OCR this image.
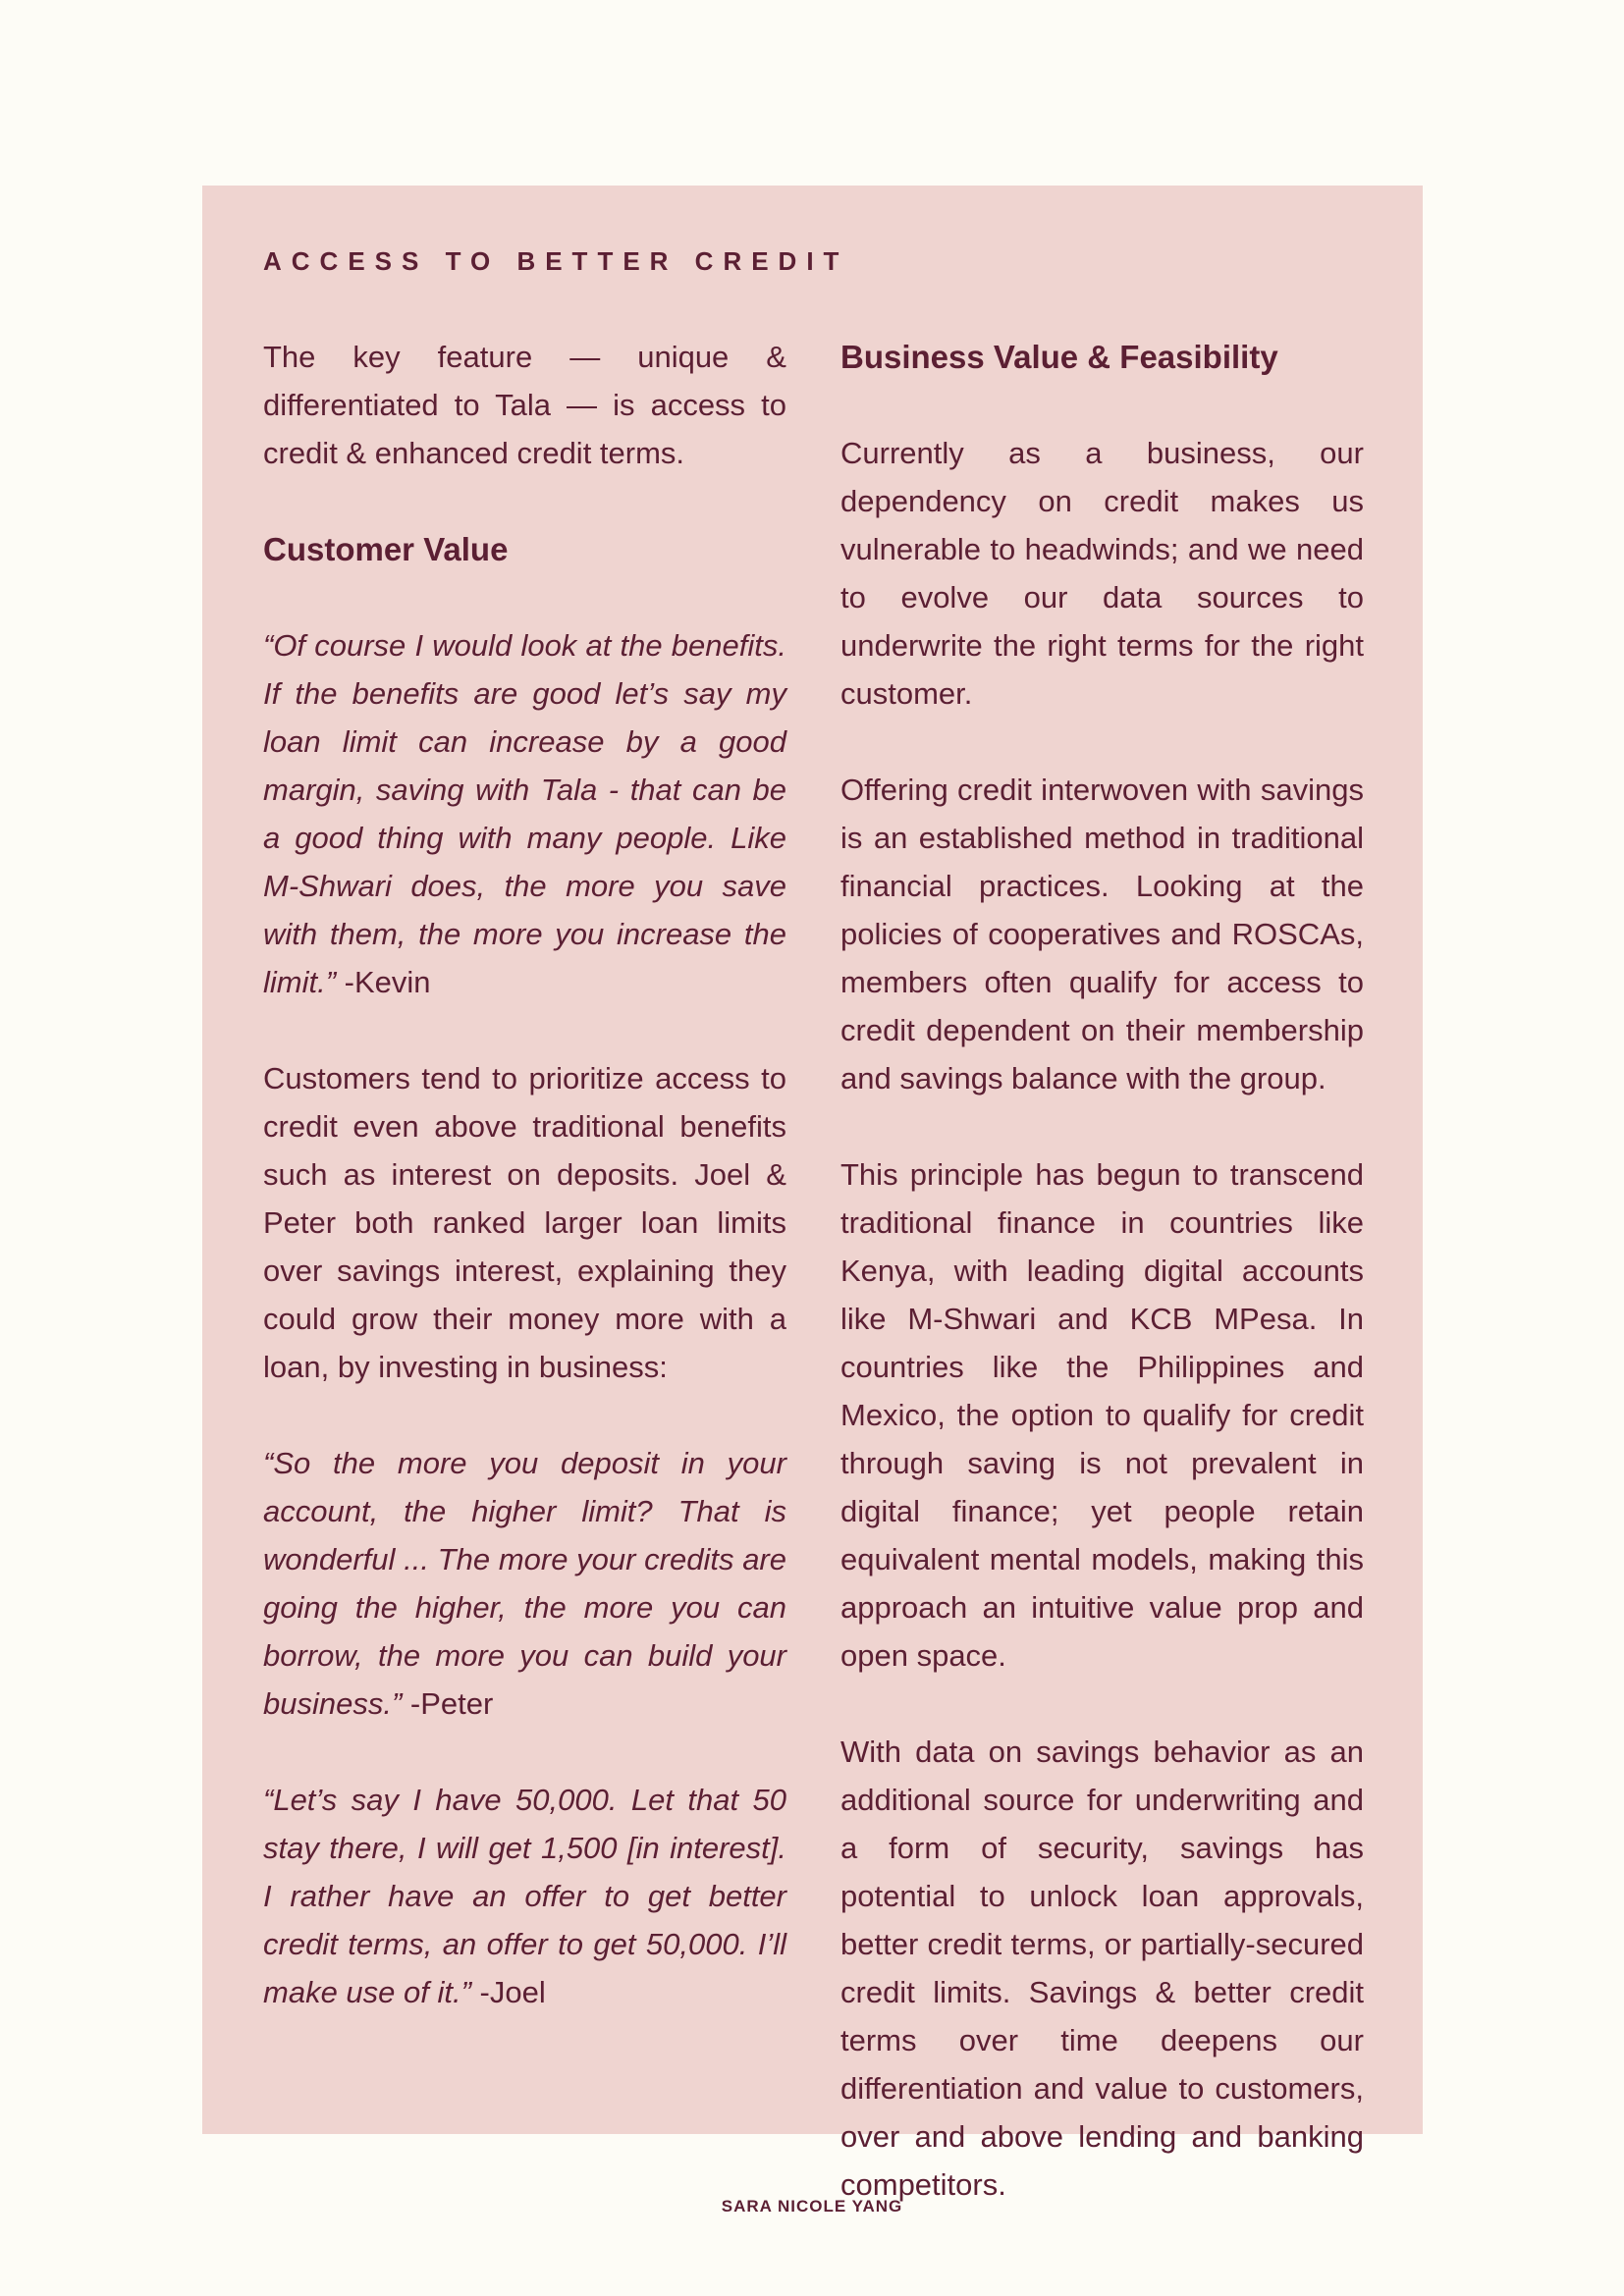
ACCESS TO BETTER CREDIT

The key feature — unique & differentiated to Tala — is access to credit & enhanced credit terms.

Customer Value

“Of course I would look at the benefits. If the benefits are good let’s say my loan limit can increase by a good margin, saving with Tala - that can be a good thing with many people. Like M-Shwari does, the more you save with them, the more you increase the limit.” -Kevin

Customers tend to prioritize access to credit even above traditional benefits such as interest on deposits. Joel & Peter both ranked larger loan limits over savings interest, explaining they could grow their money more with a loan, by investing in business:

“So the more you deposit in your account, the higher limit? That is wonderful ... The more your credits are going the higher, the more you can borrow, the more you can build your business.” -Peter

“Let’s say I have 50,000. Let that 50 stay there, I will get 1,500 [in interest]. I rather have an offer to get better credit terms, an offer to get 50,000. I’ll make use of it.” -Joel

Business Value & Feasibility

Currently as a business, our dependency on credit makes us vulnerable to headwinds; and we need to evolve our data sources to underwrite the right terms for the right customer.

Offering credit interwoven with savings is an established method in traditional financial practices. Looking at the policies of cooperatives and ROSCAs, members often qualify for access to credit dependent on their membership and savings balance with the group.

This principle has begun to transcend traditional finance in countries like Kenya, with leading digital accounts like M-Shwari and KCB MPesa. In countries like the Philippines and Mexico, the option to qualify for credit through saving is not prevalent in digital finance; yet people retain equivalent mental models, making this approach an intuitive value prop and open space.

With data on savings behavior as an additional source for underwriting and a form of security, savings has potential to unlock loan approvals, better credit terms, or partially-secured credit limits. Savings & better credit terms over time deepens our differentiation and value to customers, over and above lending and banking competitors.

SARA NICOLE YANG
